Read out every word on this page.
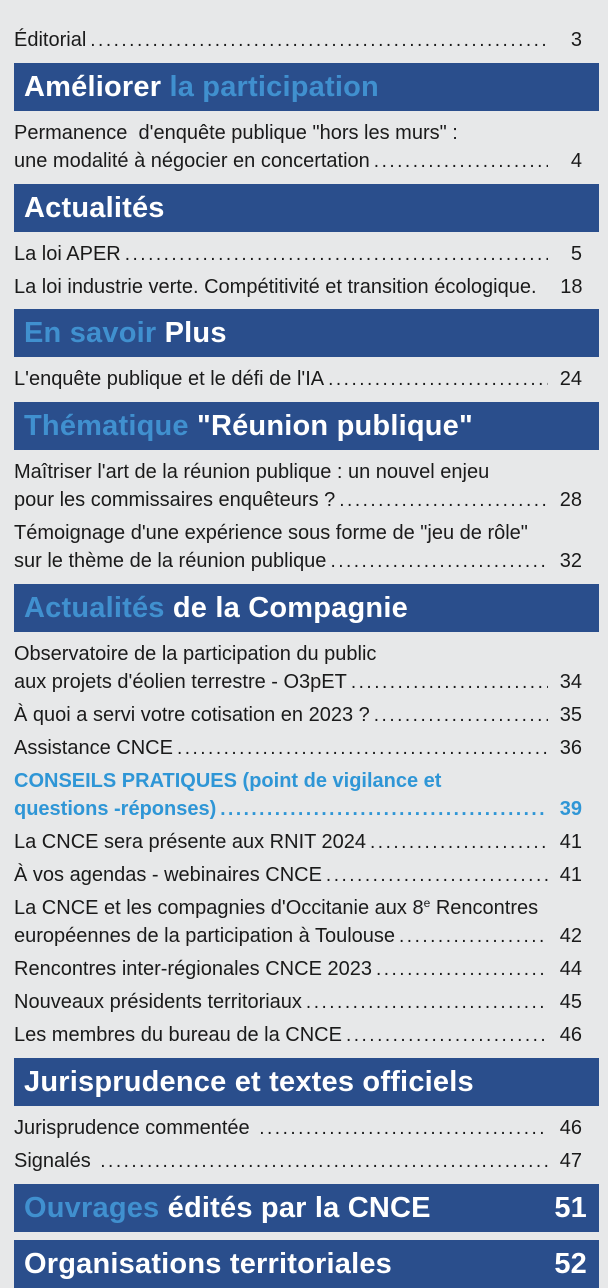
Éditorial .....	3
Améliorer la participation
Permanence  d'enquête publique "hors les murs" :
une modalité à négocier en concertation .....	4
Actualités
La loi APER .....	5
La loi industrie verte. Compétitivité et transition écologique.	18
En savoir Plus
L'enquête publique et le défi de l'IA .....	24
Thématique "Réunion publique"
Maîtriser l'art de la réunion publique : un nouvel enjeu
pour les commissaires enquêteurs ? .....	28
Témoignage d'une expérience sous forme de "jeu de rôle"
sur le thème de la réunion publique .....	32
Actualités de la Compagnie
Observatoire de la participation du public
aux projets d'éolien terrestre - O3pET .....	34
À quoi a servi votre cotisation en 2023 ? .....	35
Assistance CNCE .....	36
CONSEILS PRATIQUES (point de vigilance et
questions -réponses) .....	39
La CNCE sera présente aux RNIT 2024 .....	41
À vos agendas - webinaires CNCE .....	41
La CNCE et les compagnies d'Occitanie aux 8e Rencontres
européennes de la participation à Toulouse .....	42
Rencontres inter-régionales CNCE 2023 .....	44
Nouveaux présidents territoriaux .....	45
Les membres du bureau de la CNCE .....	46
Jurisprudence et textes officiels
Jurisprudence commentée .....	46
Signalés .....	47
Ouvrages édités par la CNCE	51
Organisations territoriales	52
